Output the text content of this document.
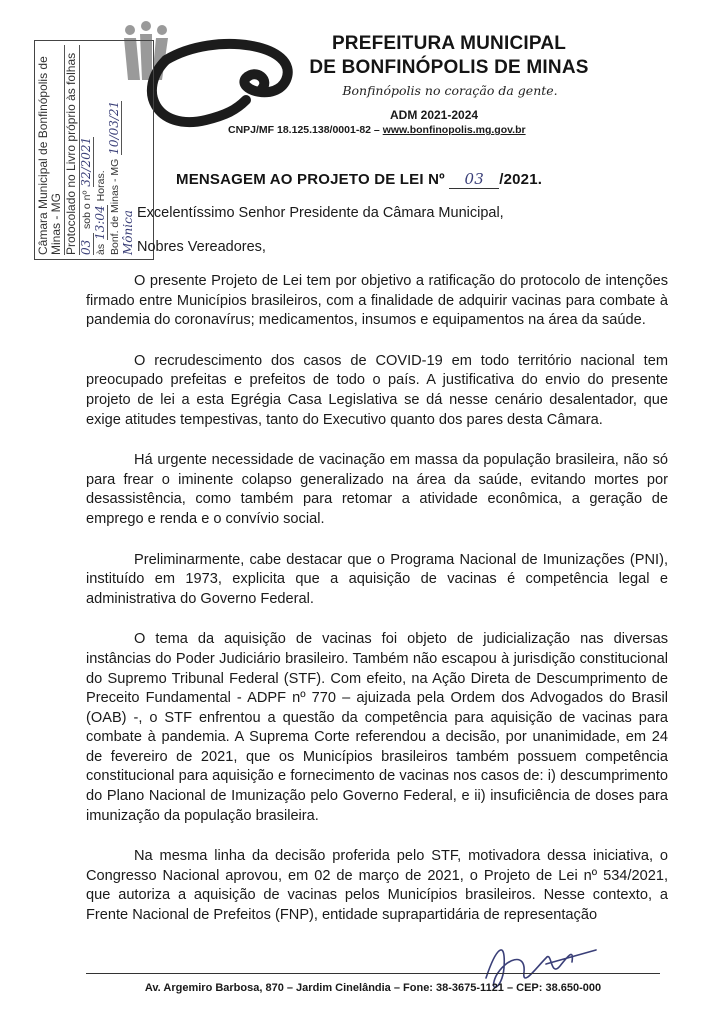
PREFEITURA MUNICIPAL
DE BONFINÓPOLIS DE MINAS
Bonfinópolis no coração da gente.
ADM 2021-2024
CNPJ/MF 18.125.138/0001-82 – www.bonfinopolis.mg.gov.br
Câmara Municipal de Bonfinópolis de Minas - MG Protocolado no Livro próprio às folhas 03
sob o nº
32/2021
às
13:04
Horas. Bonf. de Minas - MG
10/03/21
Mônica
MENSAGEM AO PROJETO DE LEI Nº 03 /2021.
Excelentíssimo Senhor Presidente da Câmara Municipal,
Nobres Vereadores,

O presente Projeto de Lei tem por objetivo a ratificação do protocolo de intenções firmado entre Municípios brasileiros, com a finalidade de adquirir vacinas para combate à pandemia do coronavírus; medicamentos, insumos e equipamentos na área da saúde.

O recrudescimento dos casos de COVID-19 em todo território nacional tem preocupado prefeitas e prefeitos de todo o país. A justificativa do envio do presente projeto de lei a esta Egrégia Casa Legislativa se dá nesse cenário desalentador, que exige atitudes tempestivas, tanto do Executivo quanto dos pares desta Câmara.

Há urgente necessidade de vacinação em massa da população brasileira, não só para frear o iminente colapso generalizado na área da saúde, evitando mortes por desassistência, como também para retomar a atividade econômica, a geração de emprego e renda e o convívio social.

Preliminarmente, cabe destacar que o Programa Nacional de Imunizações (PNI), instituído em 1973, explicita que a aquisição de vacinas é competência legal e administrativa do Governo Federal.

O tema da aquisição de vacinas foi objeto de judicialização nas diversas instâncias do Poder Judiciário brasileiro. Também não escapou à jurisdição constitucional do Supremo Tribunal Federal (STF). Com efeito, na Ação Direta de Descumprimento de Preceito Fundamental - ADPF nº 770 – ajuizada pela Ordem dos Advogados do Brasil (OAB) -, o STF enfrentou a questão da competência para aquisição de vacinas para combate à pandemia. A Suprema Corte referendou a decisão, por unanimidade, em 24 de fevereiro de 2021, que os Municípios brasileiros também possuem competência constitucional para aquisição e fornecimento de vacinas nos casos de: i) descumprimento do Plano Nacional de Imunização pelo Governo Federal, e ii) insuficiência de doses para imunização da população brasileira.

Na mesma linha da decisão proferida pelo STF, motivadora dessa iniciativa, o Congresso Nacional aprovou, em 02 de março de 2021, o Projeto de Lei nº 534/2021, que autoriza a aquisição de vacinas pelos Municípios brasileiros. Nesse contexto, a Frente Nacional de Prefeitos (FNP), entidade suprapartidária de representação

Av. Argemiro Barbosa, 870 – Jardim Cinelândia – Fone: 38-3675-1121 – CEP: 38.650-000
